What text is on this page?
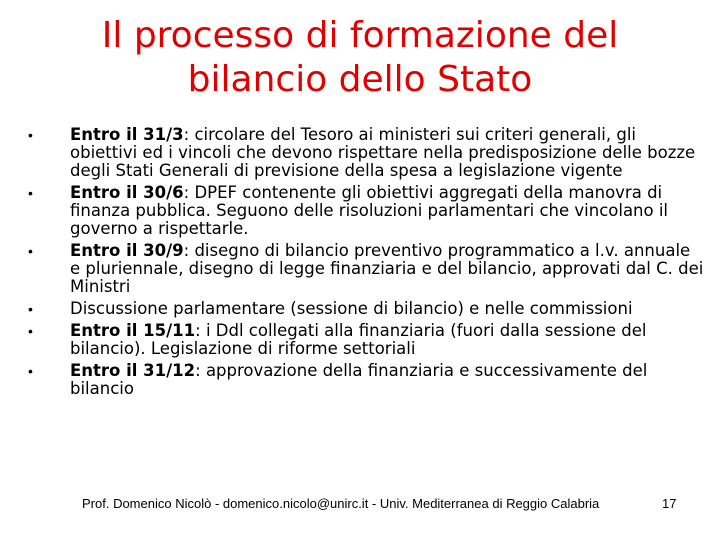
Il processo di formazione del
bilancio dello Stato
• Entro il 31/3: circolare del Tesoro ai ministeri sui criteri generali, gli obiettivi ed i vincoli che devono rispettare nella predisposizione delle bozze degli Stati Generali di previsione della spesa a legislazione vigente
• Entro il 30/6: DPEF contenente gli obiettivi aggregati della manovra di finanza pubblica. Seguono delle risoluzioni parlamentari che vincolano il governo a rispettarle.
• Entro il 30/9: disegno di bilancio preventivo programmatico a l.v. annuale e pluriennale, disegno di legge finanziaria e del bilancio, approvati dal C. dei Ministri
• Discussione parlamentare (sessione di bilancio) e nelle commissioni
• Entro il 15/11: i Ddl collegati alla finanziaria (fuori dalla sessione del bilancio). Legislazione di riforme settoriali
• Entro il 31/12: approvazione della finanziaria e successivamente del bilancio
Prof. Domenico Nicolò - domenico.nicolo@unirc.it - Univ. Mediterranea di Reggio Calabria	17
